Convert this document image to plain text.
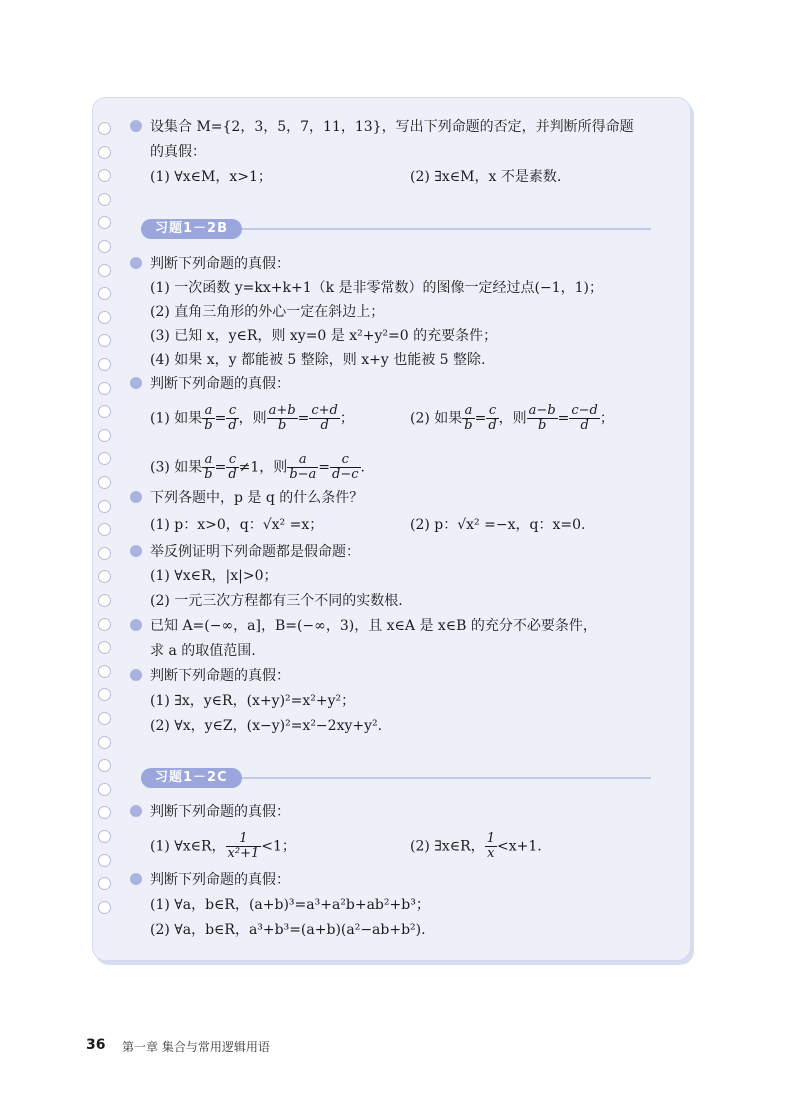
设集合 M={2，3，5，7，11，13}，写出下列命题的否定，并判断所得命题
的真假：
(1) ∀x∈M，x>1；	(2) ∃x∈M，x 不是素数.
习题1－2B
判断下列命题的真假：
(1) 一次函数 y=kx+k+1（k 是非零常数）的图像一定经过点(−1，1)；
(2) 直角三角形的外心一定在斜边上；
(3) 已知 x，y∈R，则 xy=0 是 x²+y²=0 的充要条件；
(4) 如果 x，y 都能被 5 整除，则 x+y 也能被 5 整除.
判断下列命题的真假：
(1) 如果 $\frac{a}{b} = \frac{c}{d}$ ，则 $\frac{a+b}{b} = \frac{c+d}{d}$ ；	(2) 如果 $\frac{a}{b} = \frac{c}{d}$ ，则 $\frac{a-b}{b} = \frac{c-d}{d}$ ；
(3) 如果 $\frac{a}{b} = \frac{c}{d} \ne 1$，则 $\frac{a}{b-a} = \frac{c}{d-c}$ .
下列各题中，p 是 q 的什么条件？
(1) p：x>0，q：√x² =x；	(2) p：√x² =−x，q：x=0.
举反例证明下列命题都是假命题：
(1) ∀x∈R，|x|>0；
(2) 一元三次方程都有三个不同的实数根.
已知 A=(−∞，a]，B=(−∞，3)，且 x∈A 是 x∈B 的充分不必要条件，
求 a 的取值范围.
判断下列命题的真假：
(1) ∃x，y∈R，(x+y)²=x²+y²；
(2) ∀x，y∈Z，(x−y)²=x²−2xy+y².
习题1－2C
判断下列命题的真假：
(1) ∀x∈R， $\frac{1}{\text{x²+1}} <1$；	(2) ∃x∈R， $\frac{1}{x} <x+1$.
判断下列命题的真假：
(1) ∀a，b∈R，(a+b)³=a³+a²b+ab²+b³；
(2) ∀a，b∈R，a³+b³=(a+b)(a²−ab+b²).
36 第一章 集合与常用逻辑用语
